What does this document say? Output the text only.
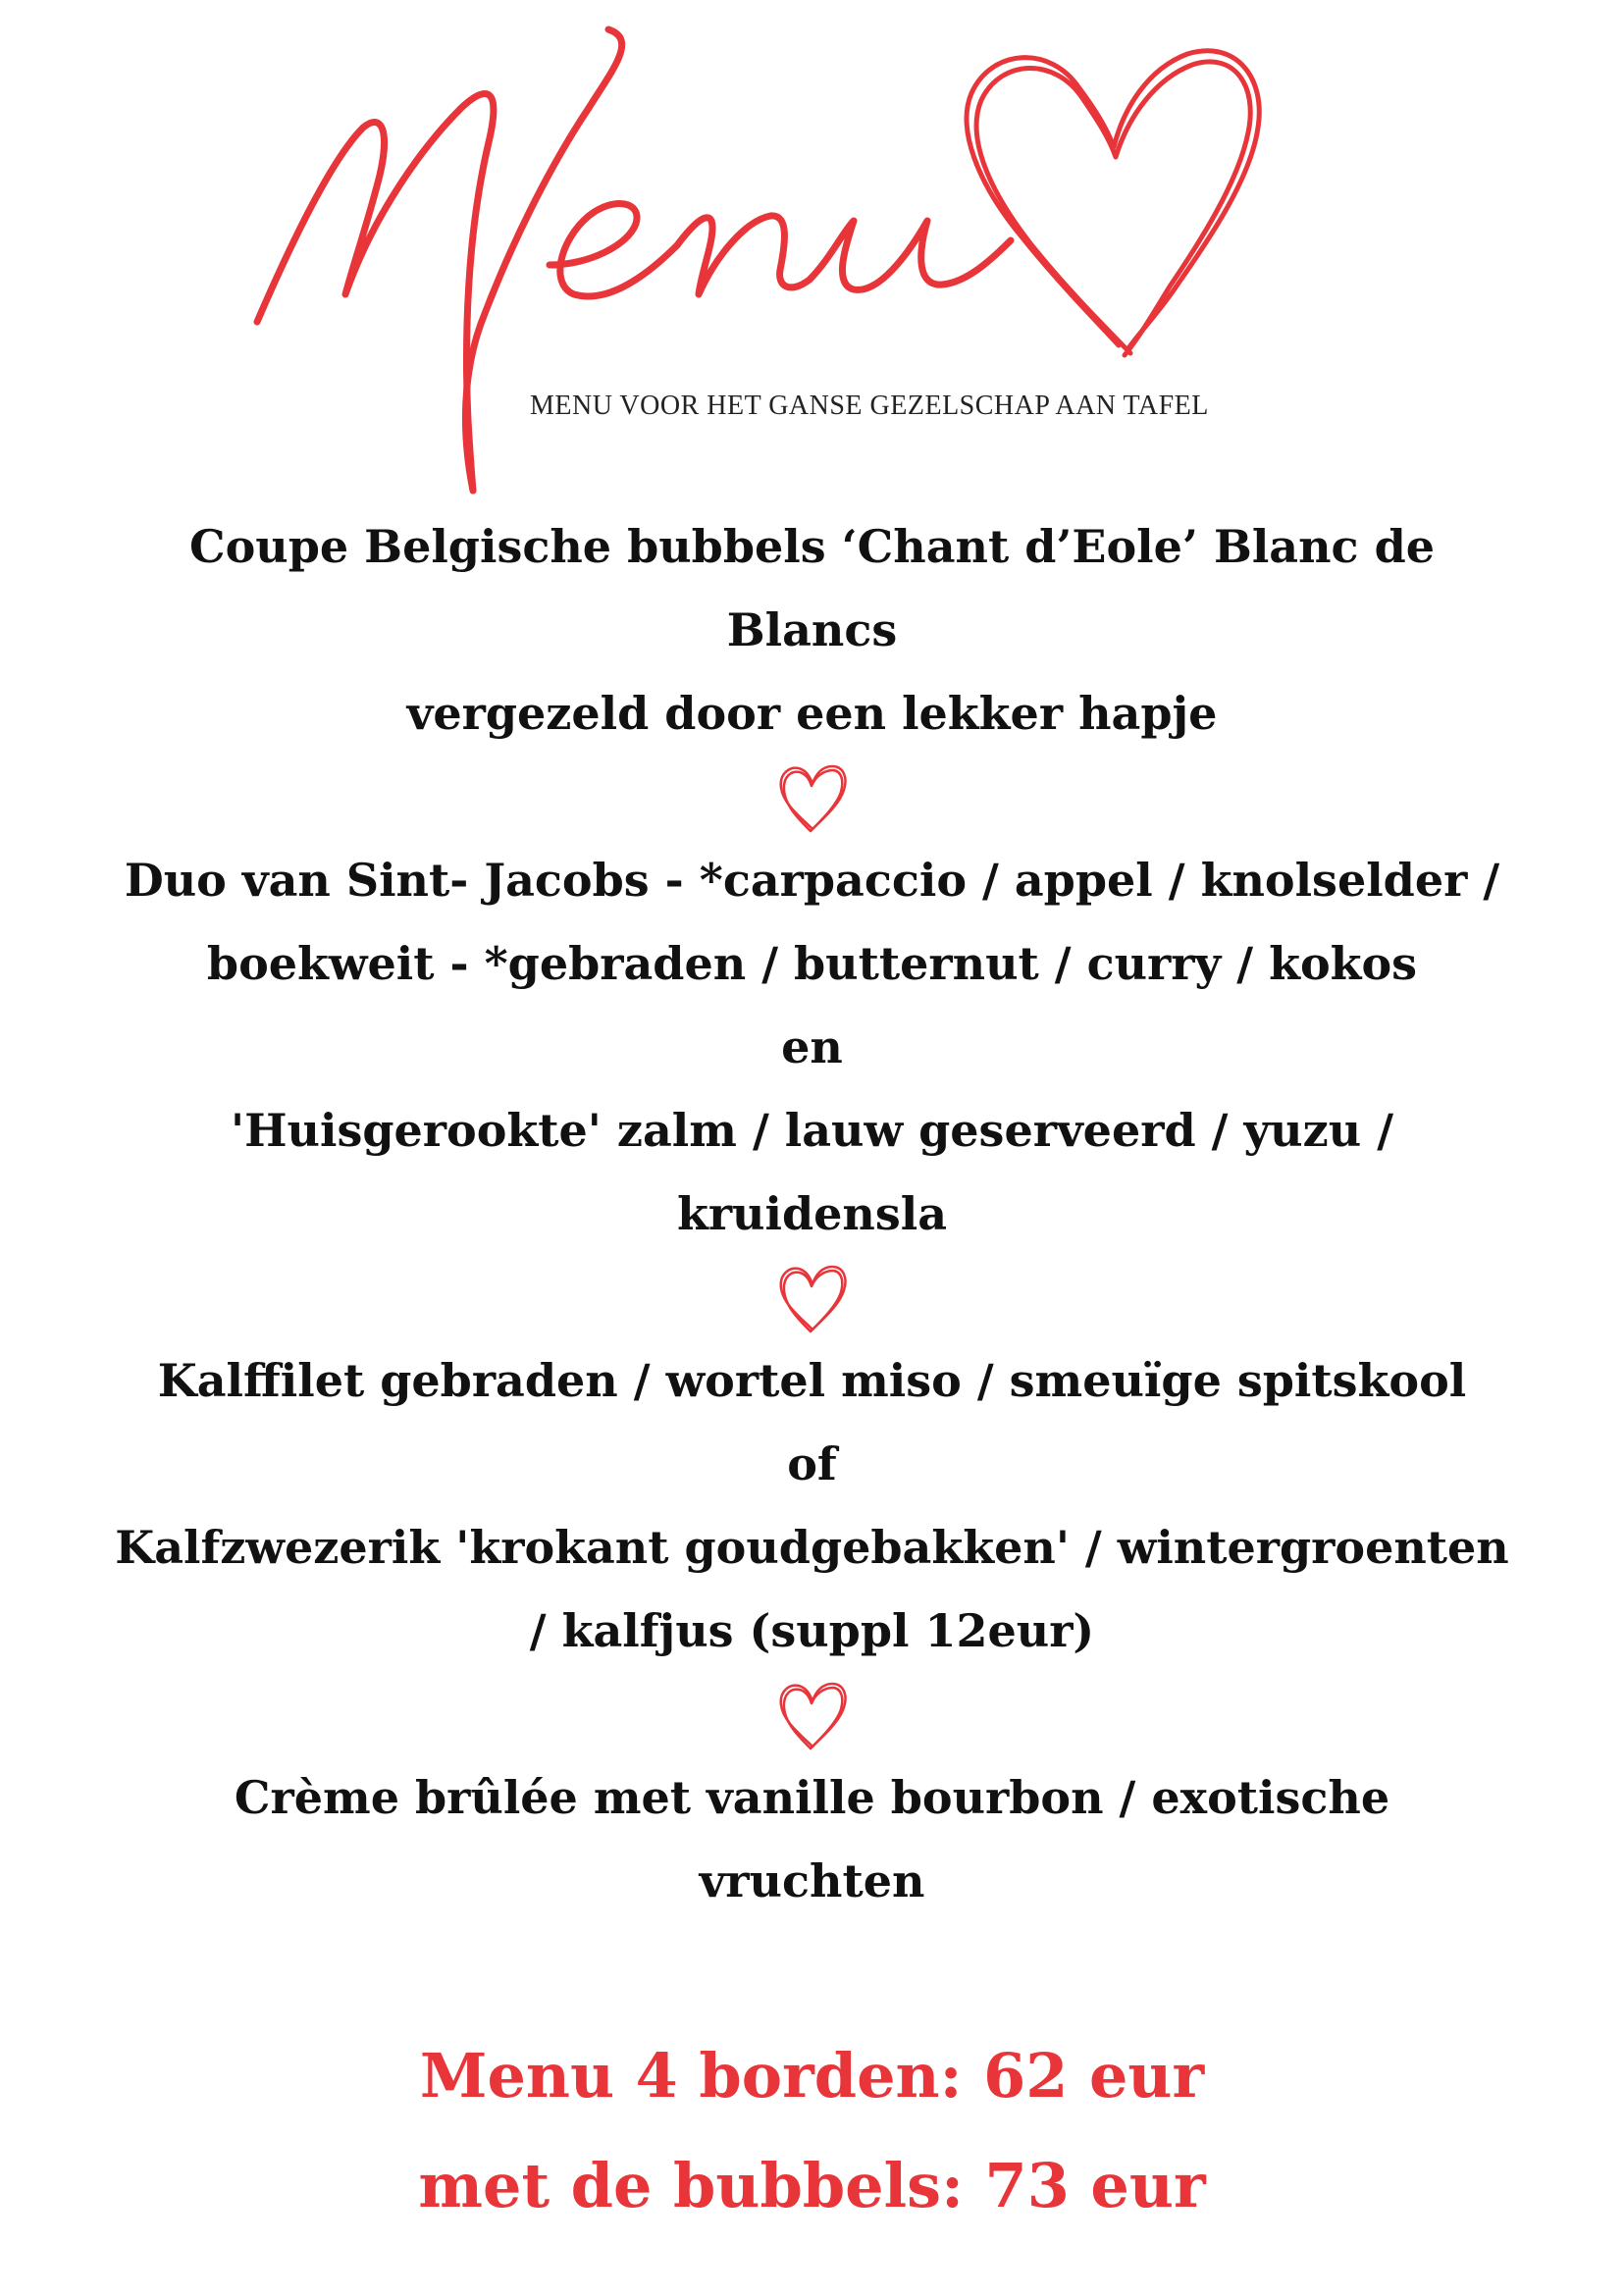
MENU VOOR HET GANSE GEZELSCHAP AAN TAFEL

Coupe Belgische bubbels ‘Chant d’Eole’ Blanc de

Blancs

vergezeld door een lekker hapje

Duo van Sint- Jacobs - *carpaccio / appel / knolselder /

boekweit - *gebraden / butternut / curry / kokos

en

'Huisgerookte' zalm / lauw geserveerd / yuzu /

kruidensla

Kalffilet gebraden / wortel miso / smeuïge spitskool

of

Kalfzwezerik 'krokant goudgebakken' / wintergroenten

/ kalfjus (suppl 12eur)

Crème brûlée met vanille bourbon / exotische

vruchten

Menu 4 borden: 62 eur

met de bubbels: 73 eur
